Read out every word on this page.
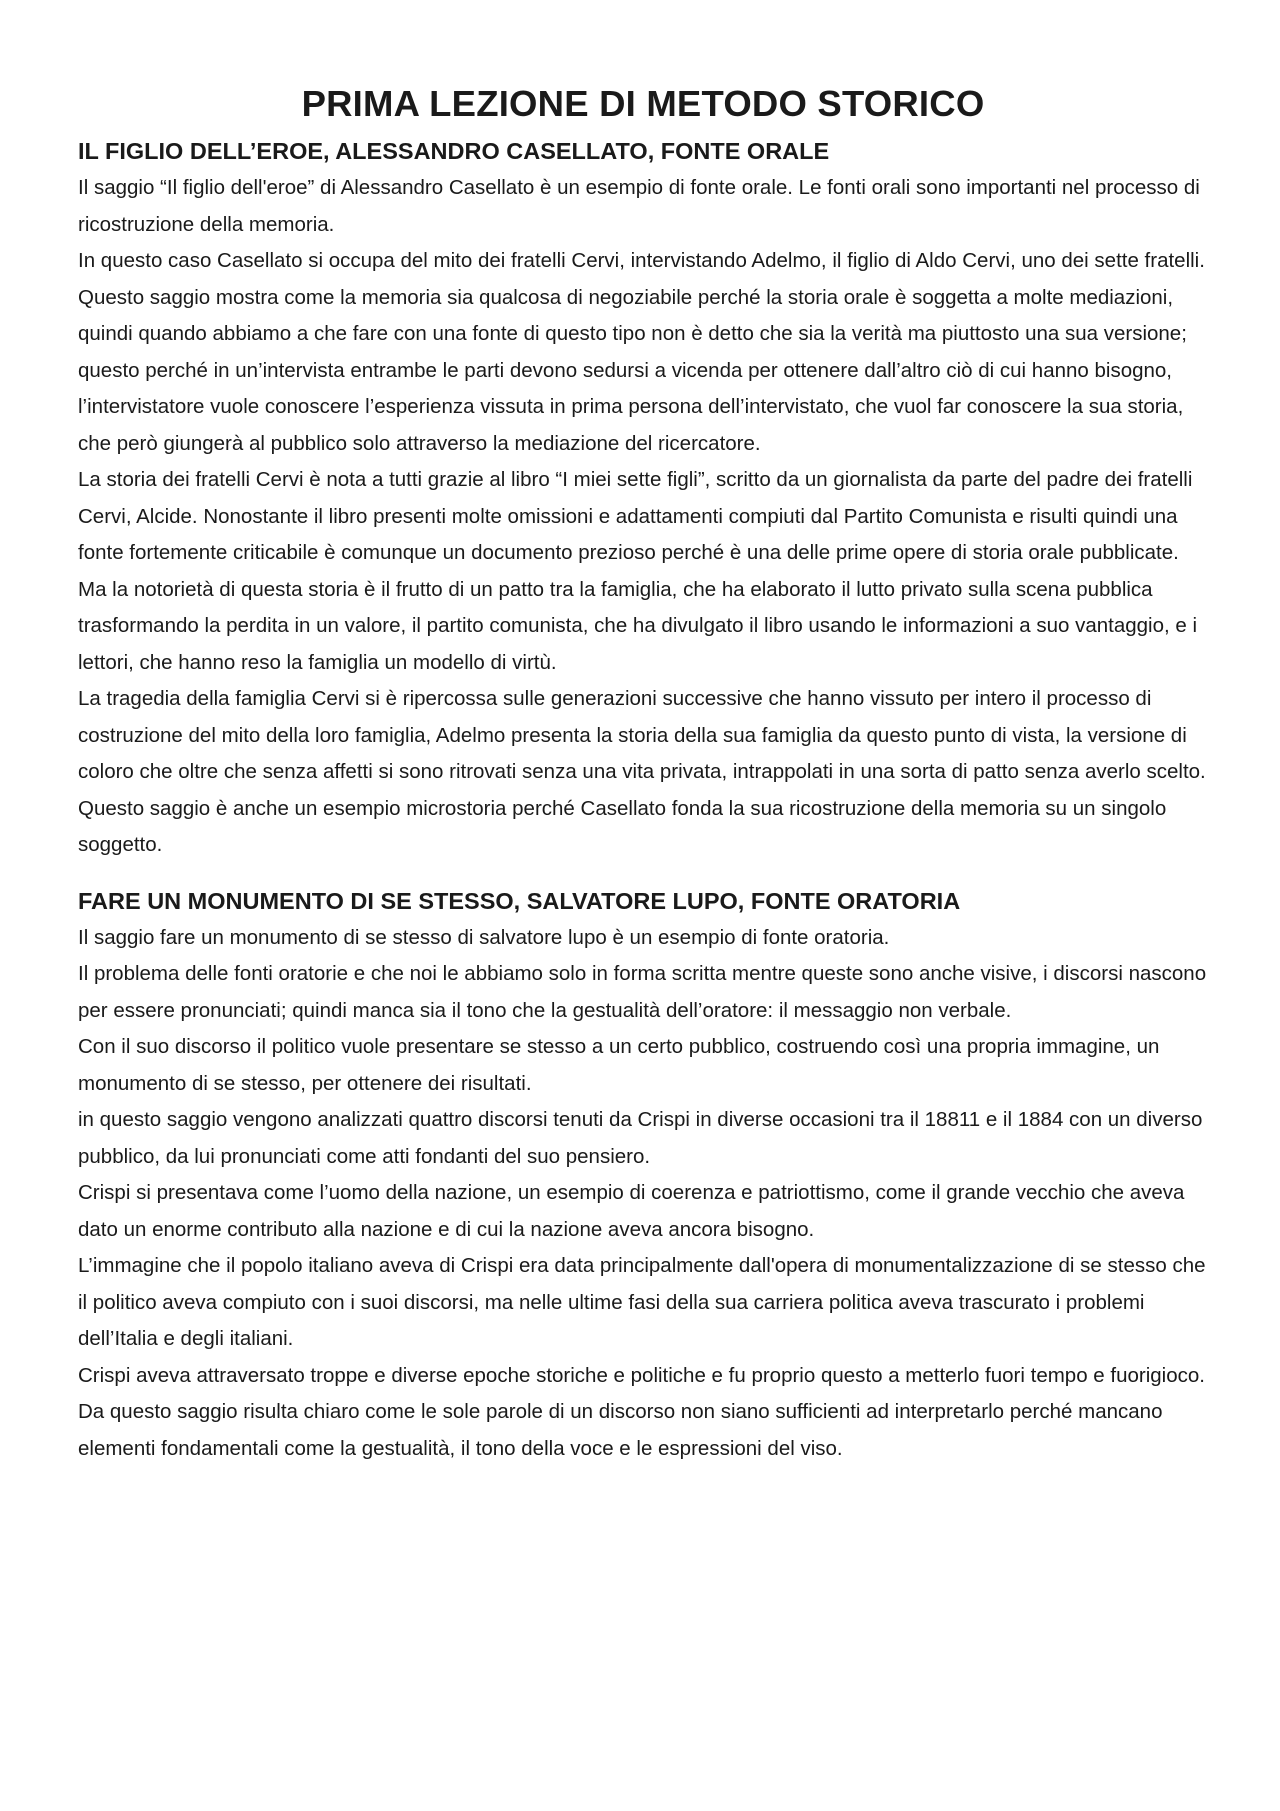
PRIMA LEZIONE DI METODO STORICO
IL FIGLIO DELL’EROE, ALESSANDRO CASELLATO, FONTE ORALE

Il saggio “Il figlio dell'eroe” di Alessandro Casellato è un esempio di fonte orale. Le fonti orali sono importanti nel processo di ricostruzione della memoria.

In questo caso Casellato si occupa del mito dei fratelli Cervi, intervistando Adelmo, il figlio di Aldo Cervi, uno dei sette fratelli.

Questo saggio mostra come la memoria sia qualcosa di negoziabile perché la storia orale è soggetta a molte mediazioni, quindi quando abbiamo a che fare con una fonte di questo tipo non è detto che sia la verità ma piuttosto una sua versione; questo perché in un’intervista entrambe le parti devono sedursi a vicenda per ottenere dall’altro ciò di cui hanno bisogno, l’intervistatore vuole conoscere l’esperienza vissuta in prima persona dell’intervistato, che vuol far conoscere la sua storia, che però giungerà al pubblico solo attraverso la mediazione del ricercatore.

La storia dei fratelli Cervi è nota a tutti grazie al libro “I miei sette figli”, scritto da un giornalista da parte del padre dei fratelli Cervi, Alcide. Nonostante il libro presenti molte omissioni e adattamenti compiuti dal Partito Comunista e risulti quindi una fonte fortemente criticabile è comunque un documento prezioso perché è una delle prime opere di storia orale pubblicate.

Ma la notorietà di questa storia è il frutto di un patto tra la famiglia, che ha elaborato il lutto privato sulla scena pubblica trasformando la perdita in un valore, il partito comunista, che ha divulgato il libro usando le informazioni a suo vantaggio, e i lettori, che hanno reso la famiglia un modello di virtù.

La tragedia della famiglia Cervi si è ripercossa sulle generazioni successive che hanno vissuto per intero il processo di costruzione del mito della loro famiglia, Adelmo presenta la storia della sua famiglia da questo punto di vista, la versione di coloro che oltre che senza affetti si sono ritrovati senza una vita privata, intrappolati in una sorta di patto senza averlo scelto.

Questo saggio è anche un esempio microstoria perché Casellato fonda la sua ricostruzione della memoria su un singolo soggetto.

FARE UN MONUMENTO DI SE STESSO, SALVATORE LUPO, FONTE ORATORIA

Il saggio fare un monumento di se stesso di salvatore lupo è un esempio di fonte oratoria.

Il problema delle fonti oratorie e che noi le abbiamo solo in forma scritta mentre queste sono anche visive, i discorsi nascono per essere pronunciati; quindi manca sia il tono che la gestualità dell’oratore: il messaggio non verbale.

Con il suo discorso il politico vuole presentare se stesso a un certo pubblico, costruendo così una propria immagine, un monumento di se stesso, per ottenere dei risultati.

in questo saggio vengono analizzati quattro discorsi tenuti da Crispi in diverse occasioni tra il 18811 e il 1884 con un diverso pubblico, da lui pronunciati come atti fondanti del suo pensiero.

Crispi si presentava come l’uomo della nazione, un esempio di coerenza e patriottismo, come il grande vecchio che aveva dato un enorme contributo alla nazione e di cui la nazione aveva ancora bisogno.

L’immagine che il popolo italiano aveva di Crispi era data principalmente dall'opera di monumentalizzazione di se stesso che il politico aveva compiuto con i suoi discorsi, ma nelle ultime fasi della sua carriera politica aveva trascurato i problemi dell’Italia e degli italiani.

Crispi aveva attraversato troppe e diverse epoche storiche e politiche e fu proprio questo a metterlo fuori tempo e fuorigioco.

Da questo saggio risulta chiaro come le sole parole di un discorso non siano sufficienti ad interpretarlo perché mancano elementi fondamentali come la gestualità, il tono della voce e le espressioni del viso.
